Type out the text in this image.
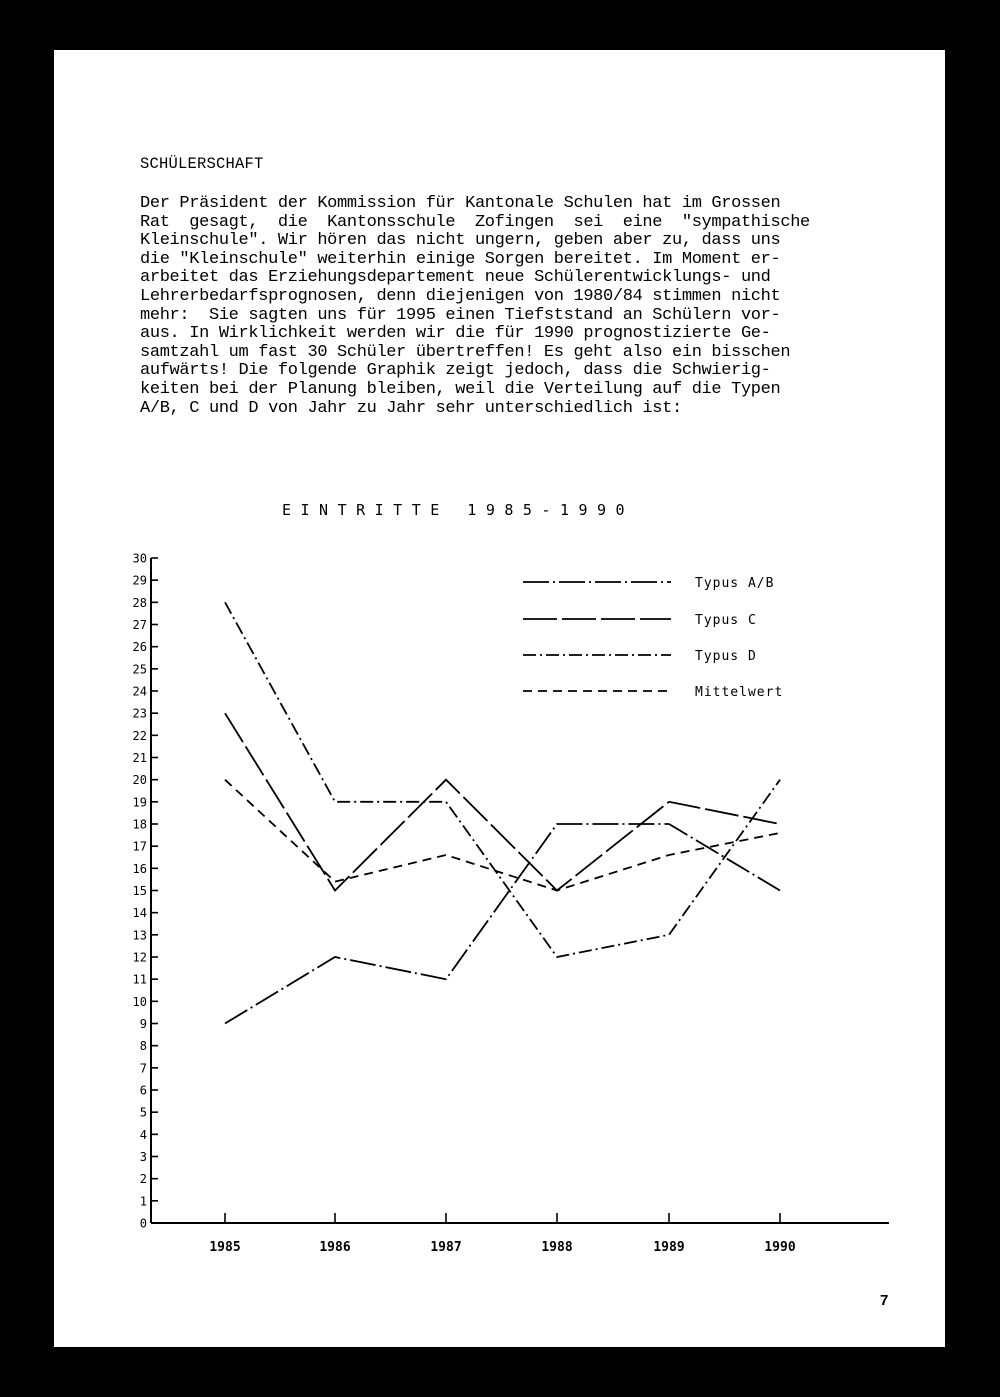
SCHÜLERSCHAFT
Der Präsident der Kommission für Kantonale Schulen hat im Grossen
Rat  gesagt,  die  Kantonsschule  Zofingen  sei  eine  "sympathische
Kleinschule". Wir hören das nicht ungern, geben aber zu, dass uns
die "Kleinschule" weiterhin einige Sorgen bereitet. Im Moment er-
arbeitet das Erziehungsdepartement neue Schülerentwicklungs- und
Lehrerbedarfsprognosen, denn diejenigen von 1980/84 stimmen nicht
mehr:  Sie sagten uns für 1995 einen Tiefststand an Schülern vor-
aus. In Wirklichkeit werden wir die für 1990 prognostizierte Ge-
samtzahl um fast 30 Schüler übertreffen! Es geht also ein bisschen
aufwärts! Die folgende Graphik zeigt jedoch, dass die Schwierig-
keiten bei der Planung bleiben, weil die Verteilung auf die Typen
A/B, C und D von Jahr zu Jahr sehr unterschiedlich ist:
EINTRITTE 1985-1990
0
1
2
3
4
5
6
7
8
9
10
11
12
13
14
15
16
17
18
19
20
21
22
23
24
25
26
27
28
29
30
1985	1986	1987	1988	1989	1990
Typus A/B
Typus C
Typus D
Mittelwert
7
